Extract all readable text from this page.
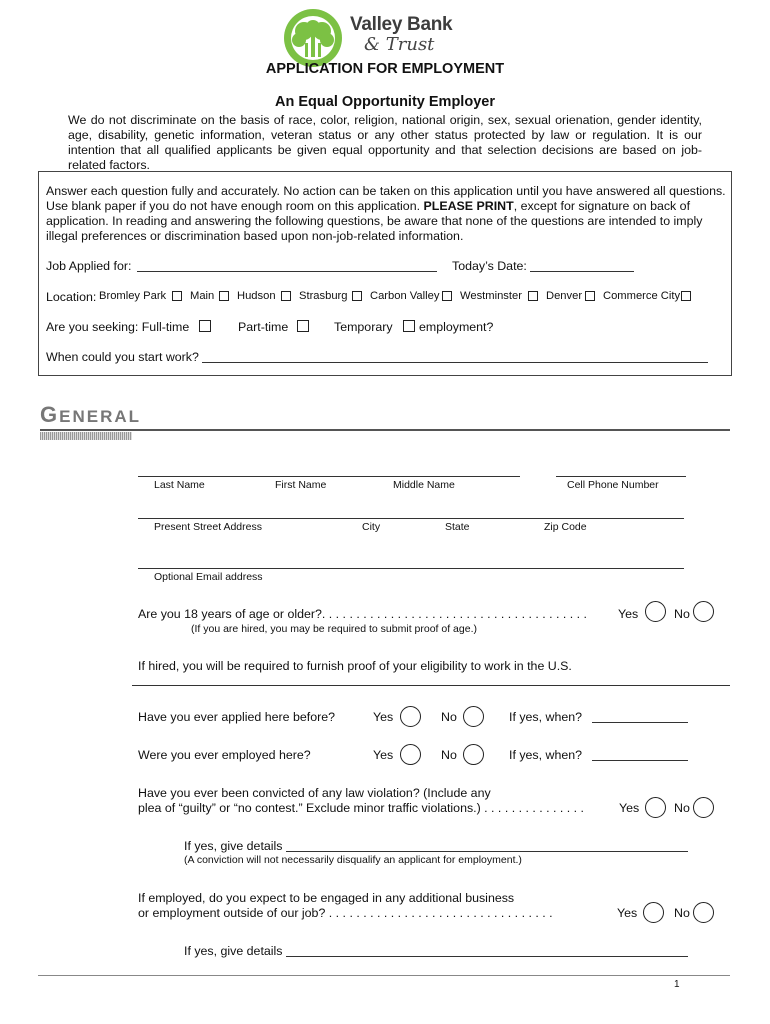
Valley Bank
& Trust
APPLICATION FOR EMPLOYMENT
An Equal Opportunity Employer
We do not discriminate on the basis of race, color, religion, national origin, sex, sexual orienation, gender identity, age, disability, genetic information, veteran status or any other status protected by law or regulation. It is our intention that all qualified applicants be given equal opportunity and that selection decisions are based on job-related factors.
Answer each question fully and accurately. No action can be taken on this application until you have answered all questions. Use blank paper if you do not have enough room on this application. PLEASE PRINT, except for signature on back of application. In reading and answering the following questions, be aware that none of the questions are intended to imply illegal preferences or discrimination based upon non-job-related information.
Job Applied for:	Today’s Date:
Location: Bromley Park Main Hudson Strasburg Carbon Valley Westminster Denver Commerce City
Are you seeking: Full-time	Part-time	Temporary employment?
When could you start work?
GENERAL
Last Name	First Name	Middle Name	Cell Phone Number
Present Street Address	City	State	Zip Code
Optional Email address
Are you 18 years of age or older?. . . . . . . . . . . . . . . . . . . . . . . . . . . . . . . . . . . . . . .	Yes	No
(If you are hired, you may be required to submit proof of age.)
If hired, you will be required to furnish proof of your eligibility to work in the U.S.
Have you ever applied here before?	Yes	No	If yes, when?
Were you ever employed here?	Yes	No	If yes, when?
Have you ever been convicted of any law violation? (Include any
plea of “guilty” or “no contest.” Exclude minor traffic violations.) . . . . . . . . . . . . . . .	Yes	No
If yes, give details
(A conviction will not necessarily disqualify an applicant for employment.)
If employed, do you expect to be engaged in any additional business
or employment outside of our job? . . . . . . . . . . . . . . . . . . . . . . . . . . . . . . . . .	Yes	No
If yes, give details
1
